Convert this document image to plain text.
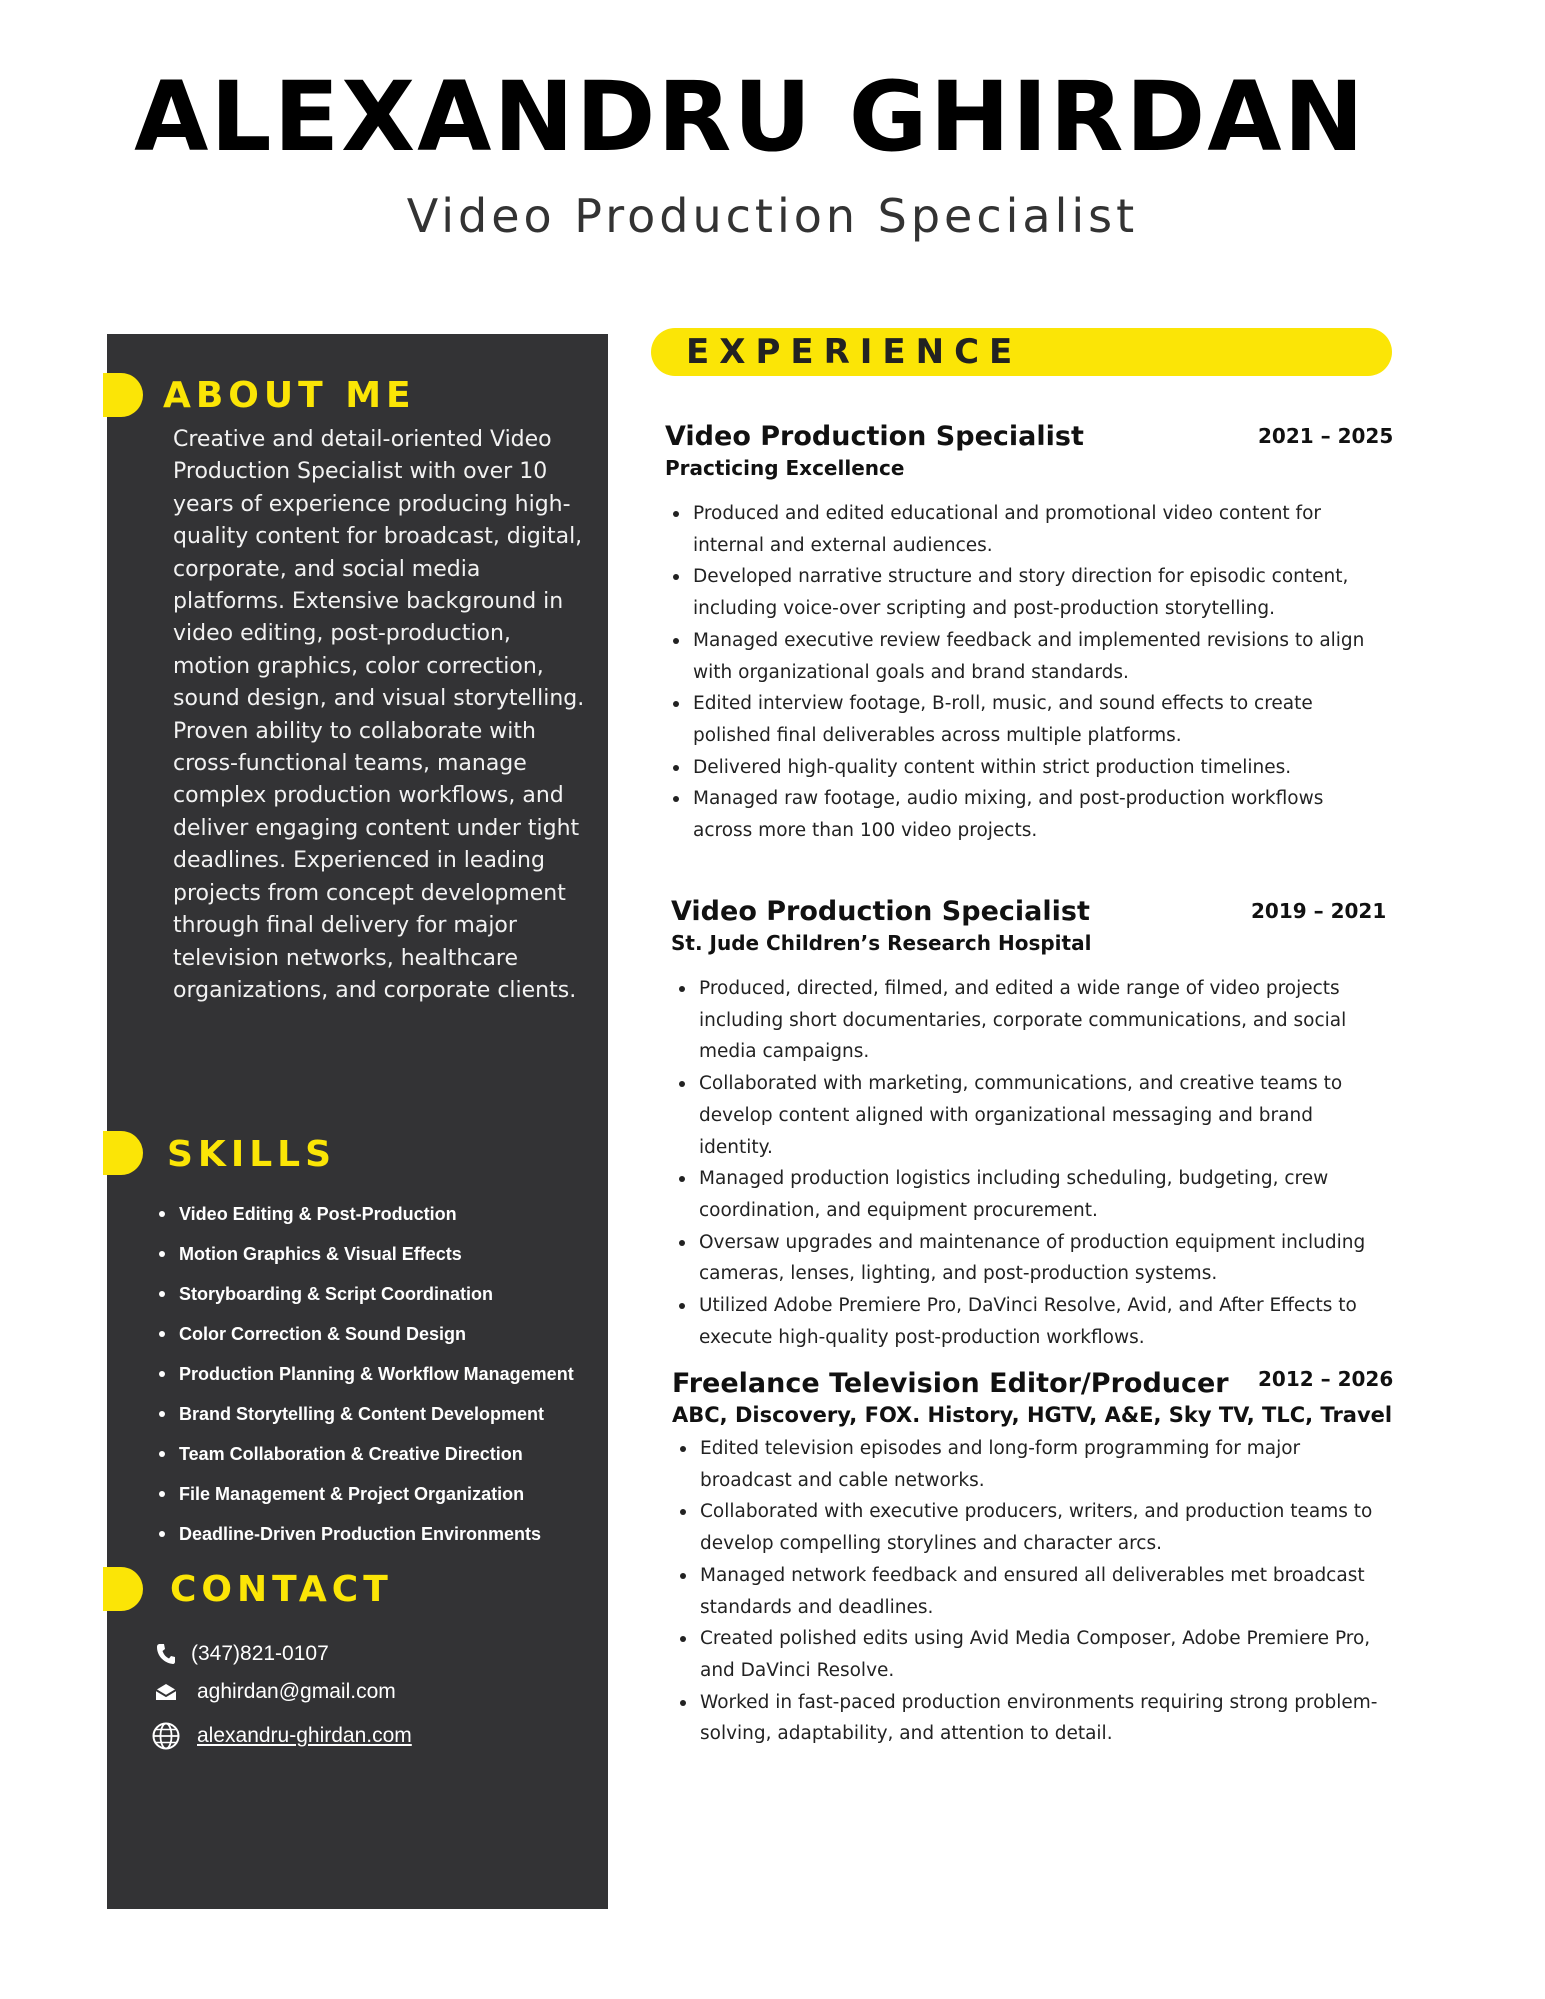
ALEXANDRU GHIRDAN
Video Production Specialist
ABOUT ME
Creative and detail-oriented Video Production Specialist with over 10 years of experience producing high-quality content for broadcast, digital, corporate, and social media platforms. Extensive background in video editing, post-production, motion graphics, color correction, sound design, and visual storytelling. Proven ability to collaborate with cross-functional teams, manage complex production workflows, and deliver engaging content under tight deadlines. Experienced in leading projects from concept development through final delivery for major television networks, healthcare organizations, and corporate clients.
SKILLS
Video Editing & Post-Production
Motion Graphics & Visual Effects
Storyboarding & Script Coordination
Color Correction & Sound Design
Production Planning & Workflow Management
Brand Storytelling & Content Development
Team Collaboration & Creative Direction
File Management & Project Organization
Deadline-Driven Production Environments
CONTACT
(347)821-0107
aghirdan@gmail.com
alexandru-ghirdan.com
EXPERIENCE
Video Production Specialist	2021 – 2025
Practicing Excellence
Produced and edited educational and promotional video content for internal and external audiences.
Developed narrative structure and story direction for episodic content, including voice-over scripting and post-production storytelling.
Managed executive review feedback and implemented revisions to align with organizational goals and brand standards.
Edited interview footage, B-roll, music, and sound effects to create polished final deliverables across multiple platforms.
Delivered high-quality content within strict production timelines.
Managed raw footage, audio mixing, and post-production workflows across more than 100 video projects.
Video Production Specialist	2019 – 2021
St. Jude Children’s Research Hospital
Produced, directed, filmed, and edited a wide range of video projects including short documentaries, corporate communications, and social media campaigns.
Collaborated with marketing, communications, and creative teams to develop content aligned with organizational messaging and brand identity.
Managed production logistics including scheduling, budgeting, crew coordination, and equipment procurement.
Oversaw upgrades and maintenance of production equipment including cameras, lenses, lighting, and post-production systems.
Utilized Adobe Premiere Pro, DaVinci Resolve, Avid, and After Effects to execute high-quality post-production workflows.
Freelance Television Editor/Producer	2012 – 2026
ABC, Discovery, FOX. History, HGTV, A&E, Sky TV, TLC, Travel
Edited television episodes and long-form programming for major broadcast and cable networks.
Collaborated with executive producers, writers, and production teams to develop compelling storylines and character arcs.
Managed network feedback and ensured all deliverables met broadcast standards and deadlines.
Created polished edits using Avid Media Composer, Adobe Premiere Pro, and DaVinci Resolve.
Worked in fast-paced production environments requiring strong problem-solving, adaptability, and attention to detail.
